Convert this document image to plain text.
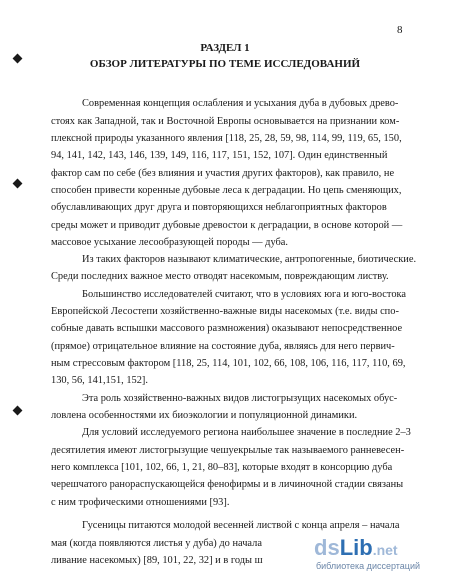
8
РАЗДЕЛ 1
ОБЗОР ЛИТЕРАТУРЫ ПО ТЕМЕ ИССЛЕДОВАНИЙ
Современная концепция ослабления и усыхания дуба в дубовых древо-
стоях как Западной, так и Восточной Европы основывается на признании ком-
плексной природы указанного явления [118, 25, 28, 59, 98, 114, 99, 119, 65, 150,
94, 141, 142, 143, 146, 139, 149, 116, 117, 151, 152, 107]. Один единственный
фактор сам по себе (без влияния и участия других факторов), как правило, не
способен привести коренные дубовые леса к деградации. Но цепь сменяющих,
обуславливающих друг друга и повторяющихся неблагоприятных факторов
среды может и приводит дубовые древостои к деградации, в основе которой —
массовое усыхание лесообразующей породы — дуба.
Из таких факторов называют климатические, антропогенные, биотические.
Среди последних важное место отводят насекомым, повреждающим листву.
Большинство исследователей считают, что в условиях юга и юго-востока
Европейской Лесостепи хозяйственно-важные виды насекомых (т.е. виды спо-
собные давать вспышки массового размножения) оказывают непосредственное
(прямое) отрицательное влияние на состояние дуба, являясь для него первич-
ным стрессовым фактором [118, 25, 114, 101, 102, 66, 108, 106, 116, 117, 110, 69,
130, 56, 141,151, 152].
Эта роль хозяйственно-важных видов листогрызущих насекомых обус-
ловлена особенностями их биоэкологии и популяционной динамики.
Для условий исследуемого региона наибольшее значение в последние 2–3
десятилетия имеют листогрызущие чешуекрылые так называемого ранневесен-
него комплекса [101, 102, 66, 1, 21, 80–83], которые входят в консорцию дуба
черешчатого ранораспускающейся фенофирмы и в личиночной стадии связаны
с ним трофическими отношениями [93].
Гусеницы питаются молодой весенней листвой с конца апреля – начала
мая (когда появляются листья у дуба) до начала
ливание насекомых) [89, 101, 22, 32] и в годы ш
dsLib.net
библиотека диссертаций
